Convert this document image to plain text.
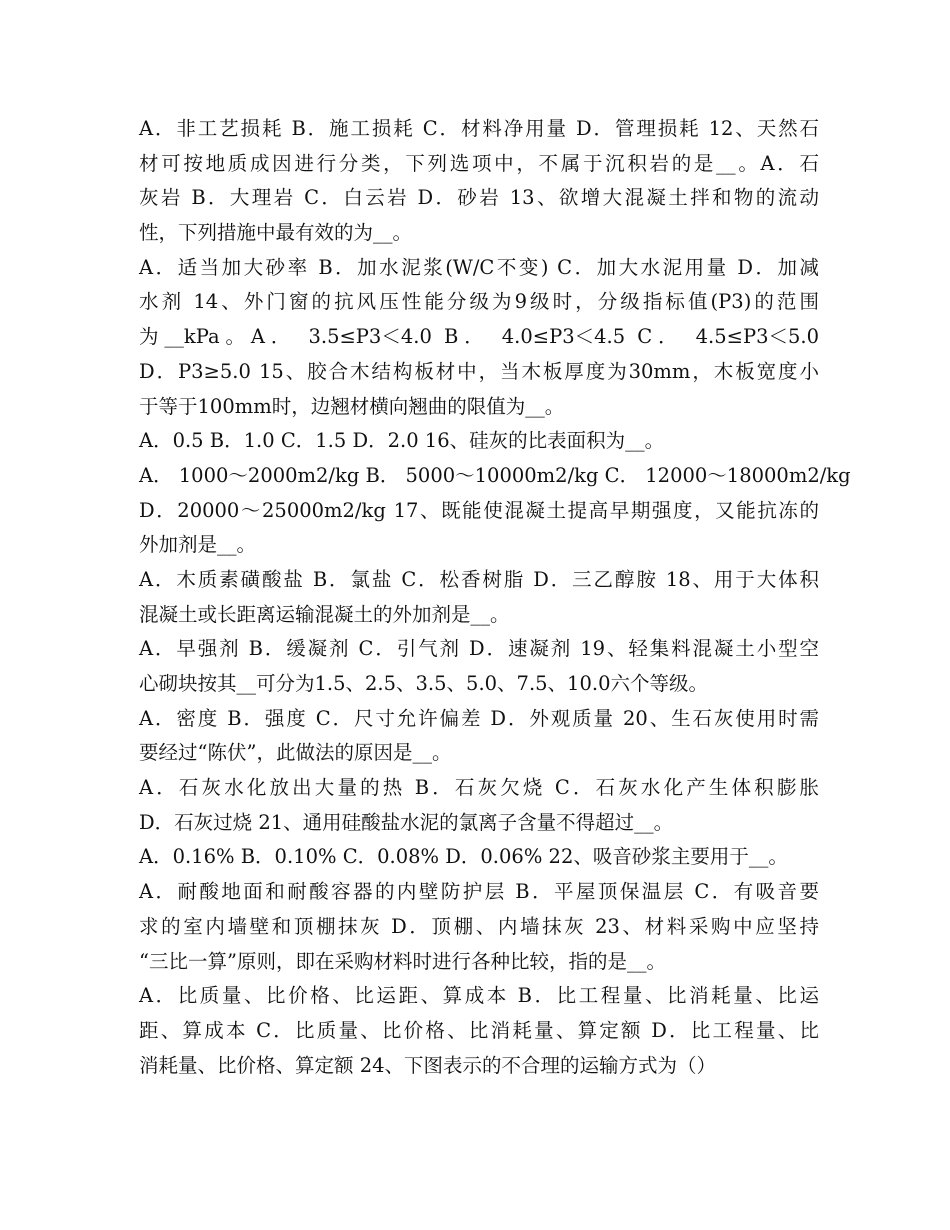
A．非工艺损耗 B．施工损耗 C．材料净用量 D．管理损耗 12、天然石
材可按地质成因进行分类，下列选项中，不属于沉积岩的是__。A．石
灰岩 B．大理岩 C．白云岩 D．砂岩 13、欲增大混凝土拌和物的流动
性，下列措施中最有效的为__。
A．适当加大砂率 B．加水泥浆(W/C不变) C．加大水泥用量 D．加减
水剂 14、外门窗的抗风压性能分级为9级时，分级指标值(P3)的范围
为__kPa。A． 3.5≤P3＜4.0 B． 4.0≤P3＜4.5 C． 4.5≤P3＜5.0
D．P3≥5.0 15、胶合木结构板材中，当木板厚度为30mm，木板宽度小
于等于100mm时，边翘材横向翘曲的限值为__。
A．0.5 B．1.0 C．1.5 D．2.0 16、硅灰的比表面积为__。
A． 1000～2000m2/kg B． 5000～10000m2/kg C． 12000～18000m2/kg
D．20000～25000m2/kg 17、既能使混凝土提高早期强度，又能抗冻的
外加剂是__。
A．木质素磺酸盐 B．氯盐 C．松香树脂 D．三乙醇胺 18、用于大体积
混凝土或长距离运输混凝土的外加剂是__。
A．早强剂 B．缓凝剂 C．引气剂 D．速凝剂 19、轻集料混凝土小型空
心砌块按其__可分为1.5、2.5、3.5、5.0、7.5、10.0六个等级。
A．密度 B．强度 C．尺寸允许偏差 D．外观质量 20、生石灰使用时需
要经过“陈伏”，此做法的原因是__。
A．石灰水化放出大量的热 B．石灰欠烧 C．石灰水化产生体积膨胀
D．石灰过烧 21、通用硅酸盐水泥的氯离子含量不得超过__。
A．0.16% B．0.10% C．0.08% D．0.06% 22、吸音砂浆主要用于__。
A．耐酸地面和耐酸容器的内壁防护层 B．平屋顶保温层 C．有吸音要
求的室内墙壁和顶棚抹灰 D．顶棚、内墙抹灰 23、材料采购中应坚持
“三比一算”原则，即在采购材料时进行各种比较，指的是__。
A．比质量、比价格、比运距、算成本 B．比工程量、比消耗量、比运
距、算成本 C．比质量、比价格、比消耗量、算定额 D．比工程量、比
消耗量、比价格、算定额 24、下图表示的不合理的运输方式为（）
